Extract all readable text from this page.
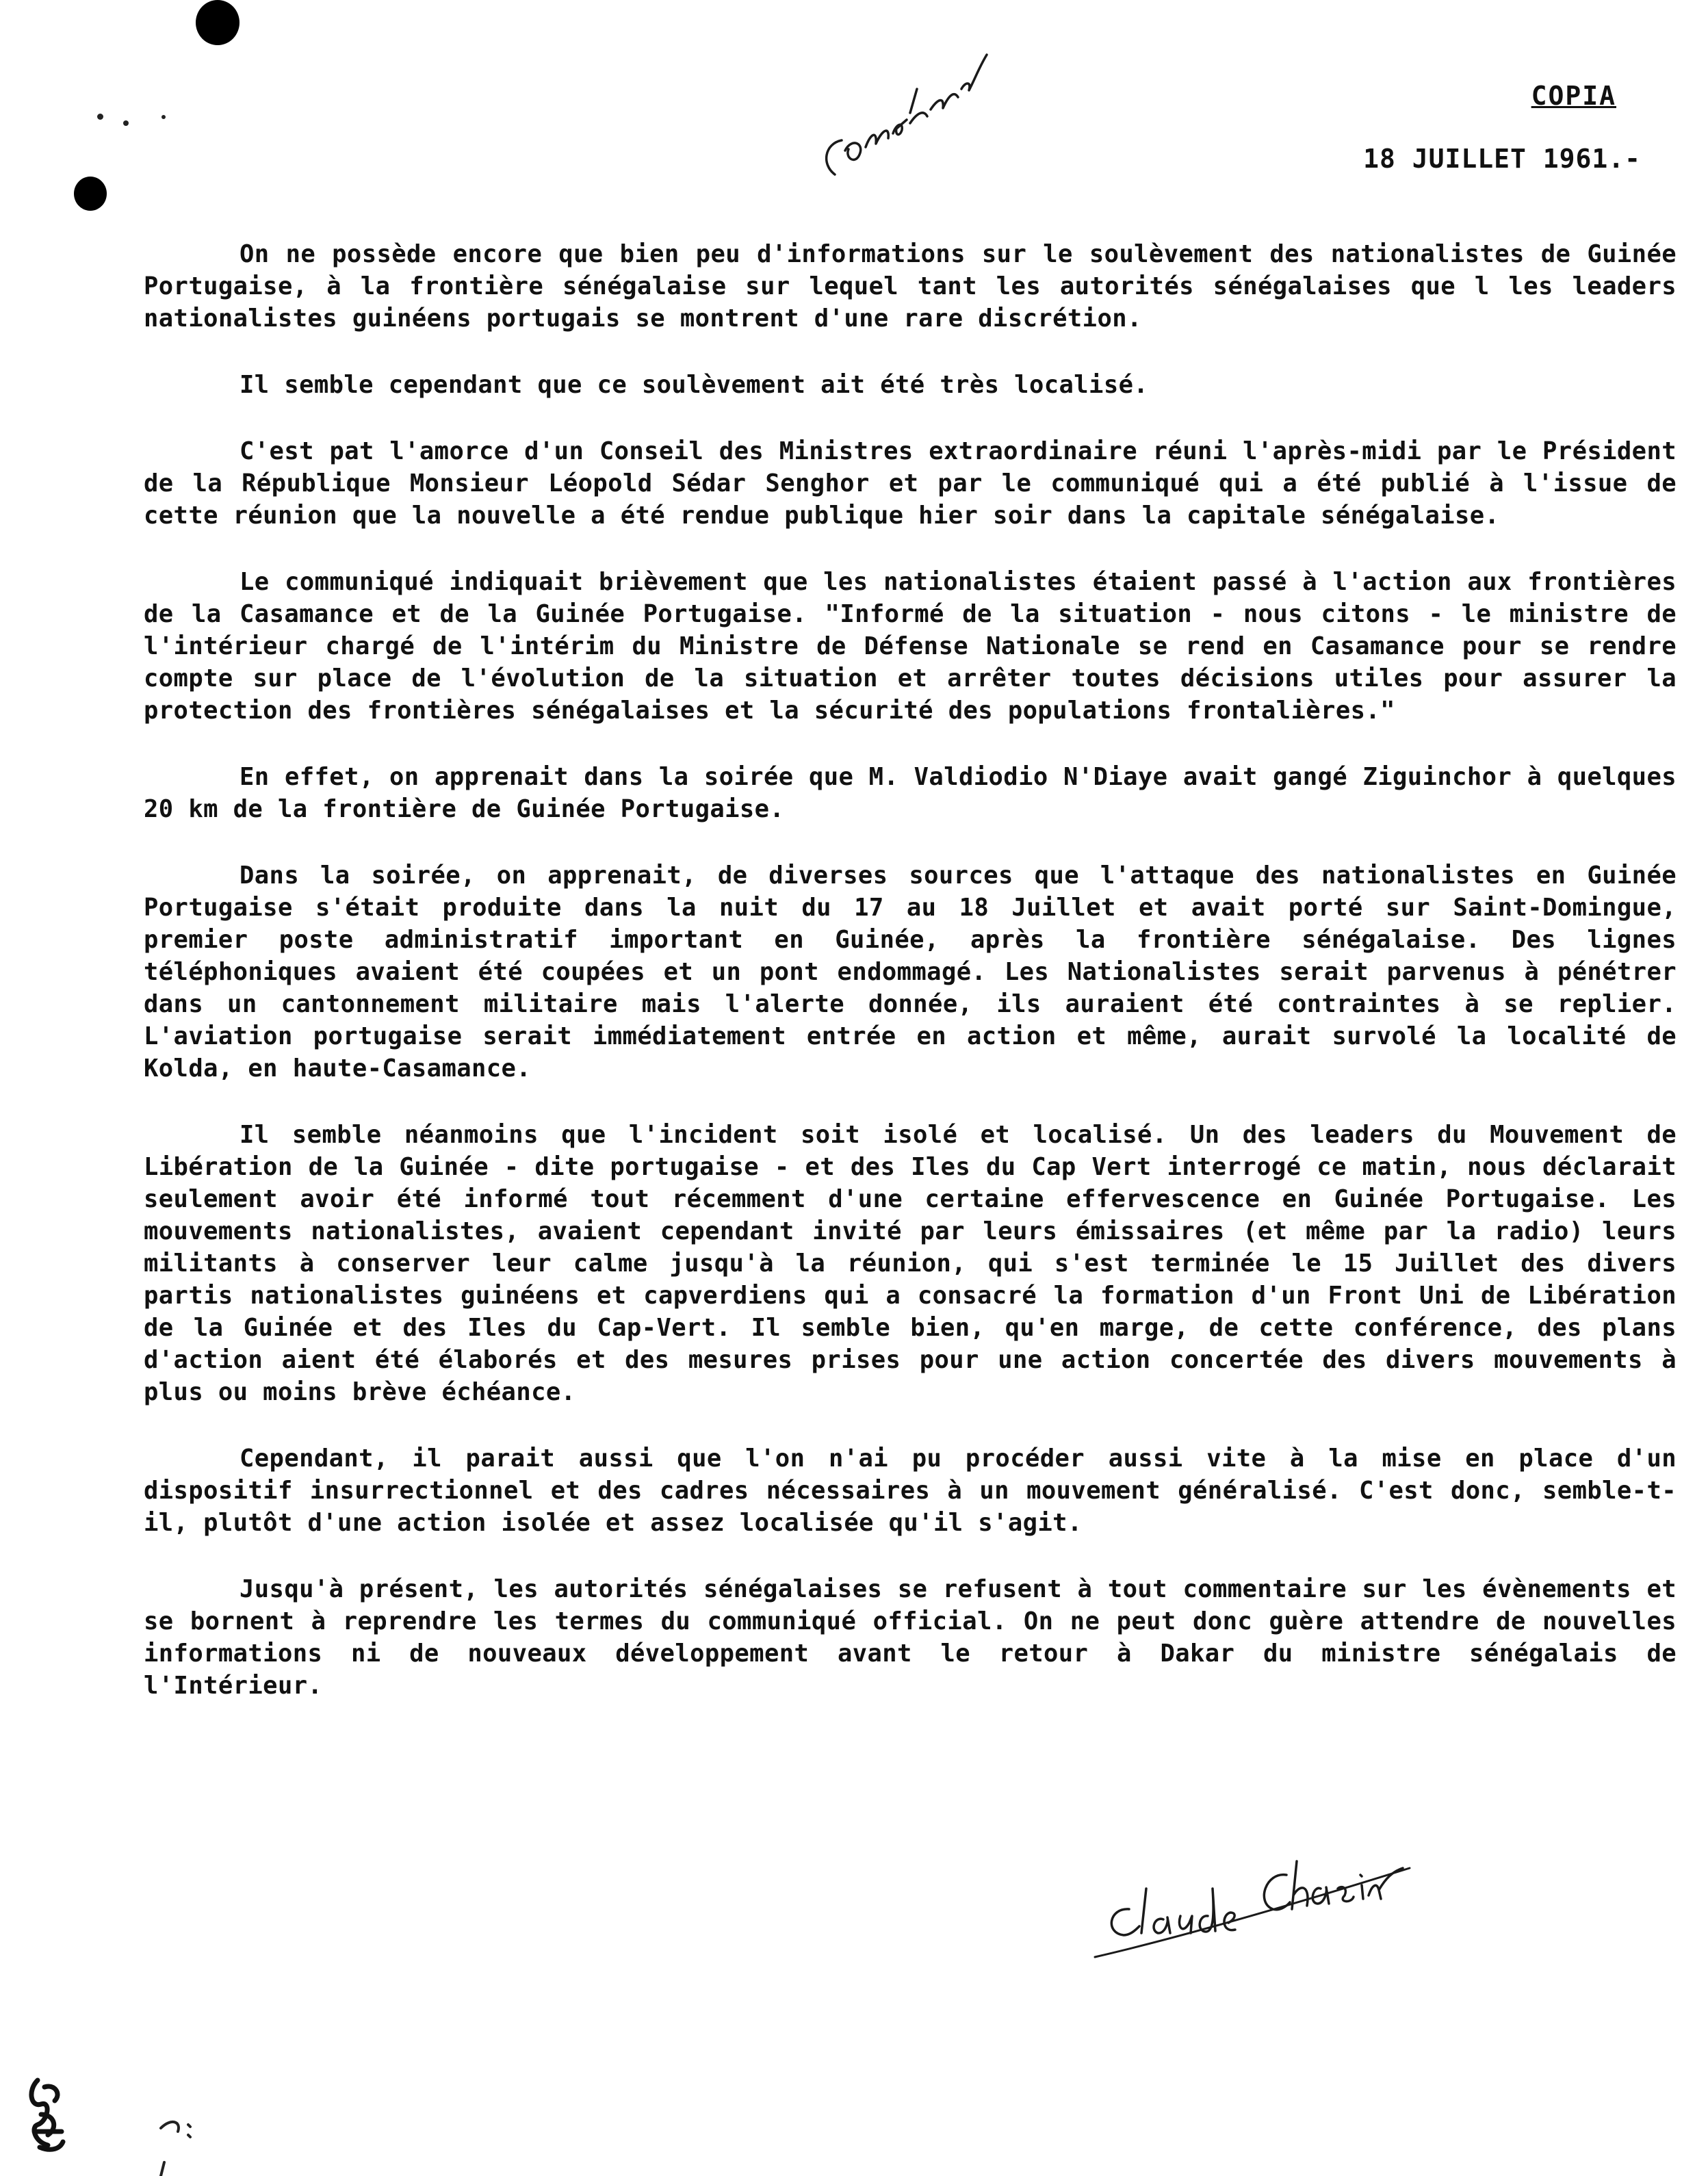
COPIA
18 JUILLET 1961.-

On ne possède encore que bien peu d'informations sur le soulèvement des nationalistes de Guinée Portugaise, à la frontière sénégalaise sur lequel tant les autorités sénégalaises que l les leaders nationalistes guinéens portugais se montrent d'une rare discrétion.

Il semble cependant que ce soulèvement ait été très localisé.

C'est pat l'amorce d'un Conseil des Ministres extraordinaire réuni l'après-midi par le Président de la République Monsieur Léopold Sédar Senghor et par le communiqué qui a été publié à l'issue de cette réunion que la nouvelle a été rendue publique hier soir dans la capitale sénégalaise.

Le communiqué indiquait brièvement que les nationalistes étaient passé à l'action aux frontières de la Casamance et de la Guinée Portugaise. "Informé de la situation - nous citons - le ministre de l'intérieur chargé de l'intérim du Ministre de Défense Nationale se rend en Casamance pour se rendre compte sur place de l'évolution de la situation et arrêter toutes décisions utiles pour assurer la protection des frontières sénégalaises et la sécurité des populations frontalières."

En effet, on apprenait dans la soirée que M. Valdiodio N'Diaye avait gangé Ziguinchor à quelques 20 km de la frontière de Guinée Portugaise.

Dans la soirée, on apprenait, de diverses sources que l'attaque des nationalistes en Guinée Portugaise s'était produite dans la nuit du 17 au 18 Juillet et avait porté sur Saint-Domingue, premier poste administratif important en Guinée, après la frontière sénégalaise. Des lignes téléphoniques avaient été coupées et un pont endommagé. Les Nationalistes serait parvenus à pénétrer dans un cantonnement militaire mais l'alerte donnée, ils auraient été contraintes à se replier. L'aviation portugaise serait immédiatement entrée en action et même, aurait survolé la localité de Kolda, en haute-Casamance.

Il semble néanmoins que l'incident soit isolé et localisé. Un des leaders du Mouvement de Libération de la Guinée - dite portugaise - et des Iles du Cap Vert interrogé ce matin, nous déclarait seulement avoir été informé tout récemment d'une certaine effervescence en Guinée Portugaise. Les mouvements nationalistes, avaient cependant invité par leurs émissaires (et même par la radio) leurs militants à conserver leur calme jusqu'à la réunion, qui s'est terminée le 15 Juillet des divers partis nationalistes guinéens et capverdiens qui a consacré la formation d'un Front Uni de Libération de la Guinée et des Iles du Cap-Vert. Il semble bien, qu'en marge, de cette conférence, des plans d'action aient été élaborés et des mesures prises pour une action concertée des divers mouvements à plus ou moins brève échéance.

Cependant, il parait aussi que l'on n'ai pu procéder aussi vite à la mise en place d'un dispositif insurrectionnel et des cadres nécessaires à un mouvement généralisé. C'est donc, semble-t-il, plutôt d'une action isolée et assez localisée qu'il s'agit.

Jusqu'à présent, les autorités sénégalaises se refusent à tout commentaire sur les évènements et se bornent à reprendre les termes du communiqué official. On ne peut donc guère attendre de nouvelles informations ni de nouveaux développement avant le retour à Dakar du ministre sénégalais de l'Intérieur.
